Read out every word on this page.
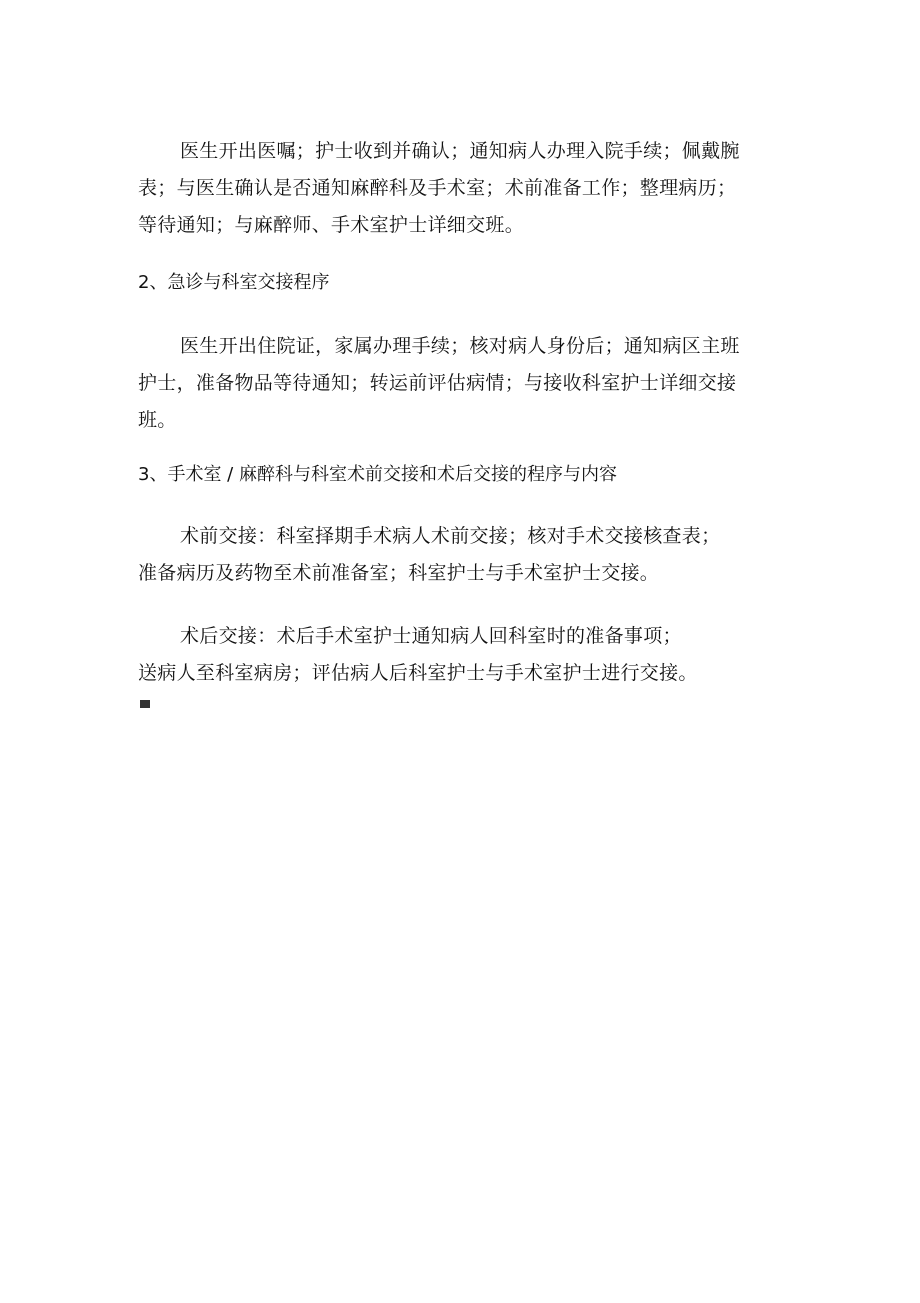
医生开出医嘱；护士收到并确认；通知病人办理入院手续；佩戴腕表；与医生确认是否通知麻醉科及手术室；术前准备工作；整理病历；等待通知；与麻醉师、手术室护士详细交班。

2、急诊与科室交接程序

医生开出住院证，家属办理手续；核对病人身份后；通知病区主班护士，准备物品等待通知；转运前评估病情；与接收科室护士详细交接班。

3、手术室 / 麻醉科与科室术前交接和术后交接的程序与内容

术前交接：科室择期手术病人术前交接；核对手术交接核查表；
准备病历及药物至术前准备室；科室护士与手术室护士交接。
术后交接：术后手术室护士通知病人回科室时的准备事项；
送病人至科室病房；评估病人后科室护士与手术室护士进行交接。
